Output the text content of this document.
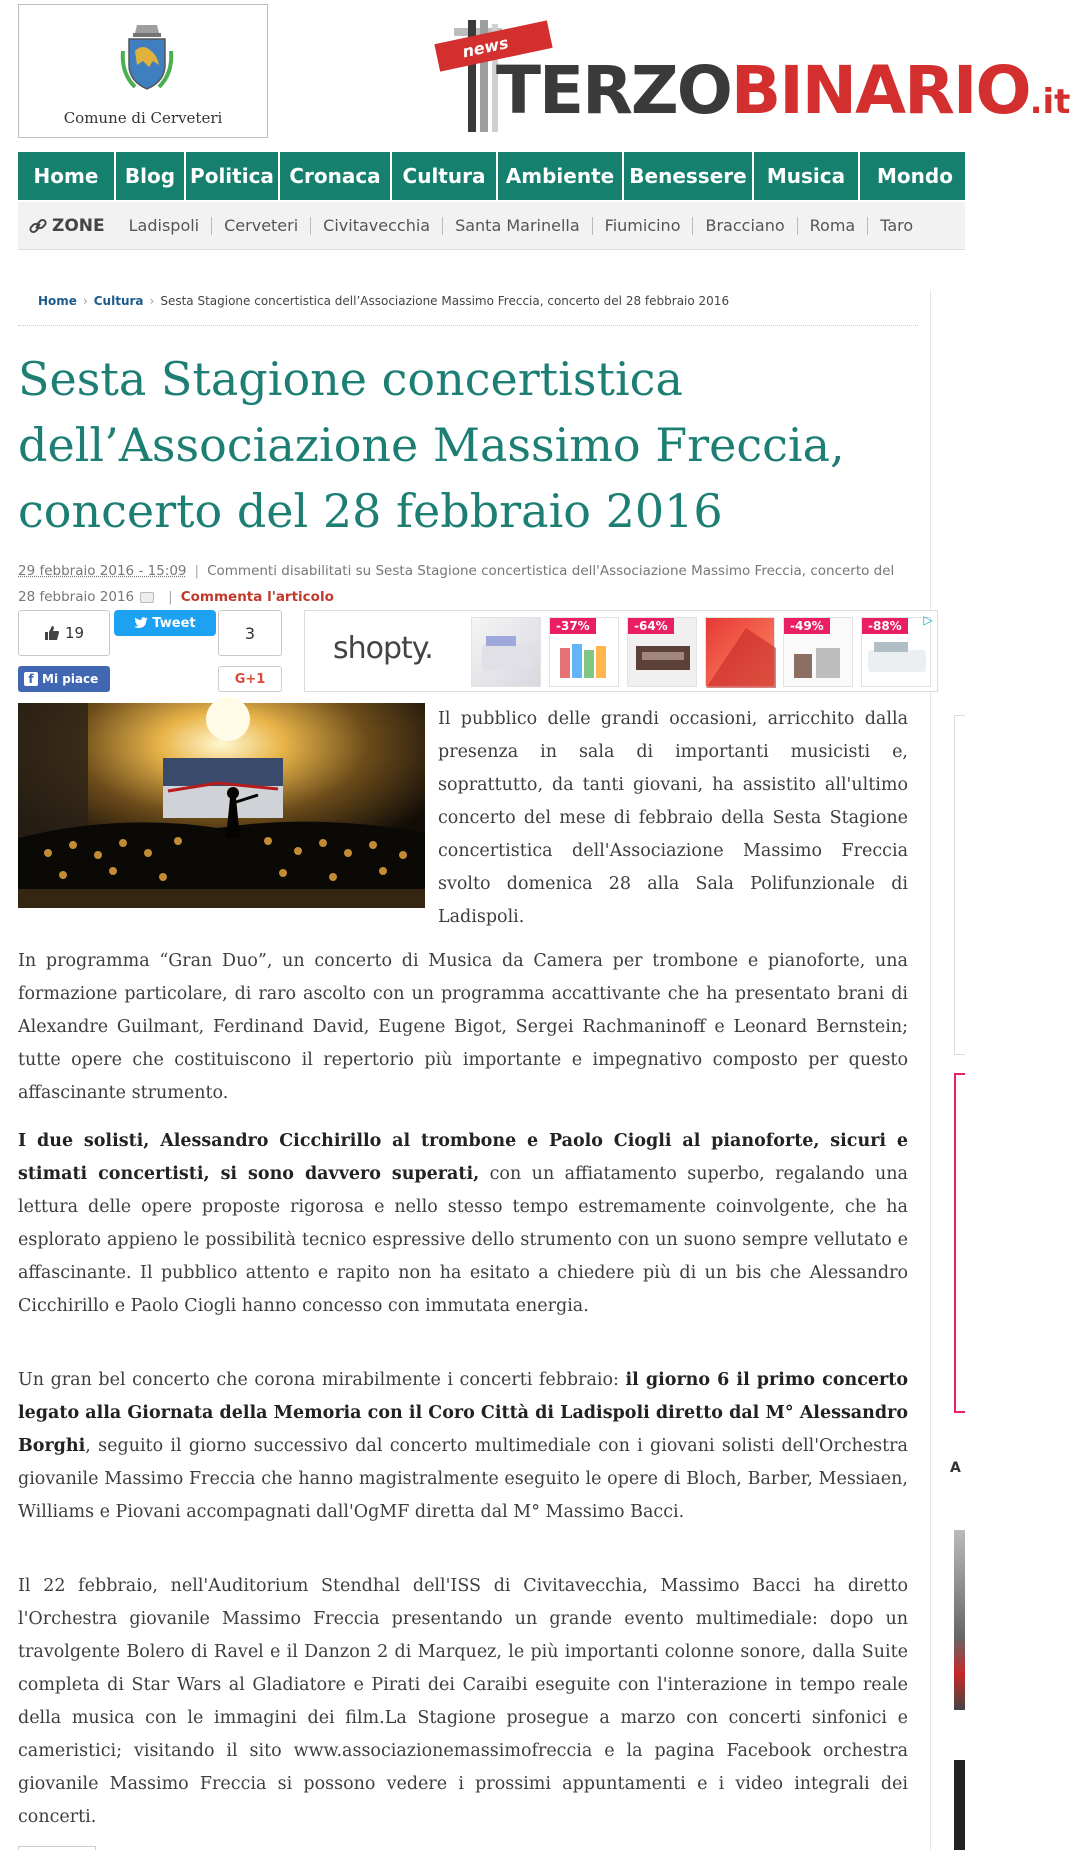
Comune di Cerveteri
news
TERZOBINARIO.it
Home	Blog Politica Cronaca	Cultura	Ambiente Benessere	Musica	Mondo
ZONE	Ladispoli	Cerveteri	Civitavecchia	Santa Marinella	Fiumicino	Bracciano	Roma	Taro
Home › Cultura › Sesta Stagione concertistica dell’Associazione Massimo Freccia, concerto del 28 febbraio 2016
Sesta Stagione concertistica dell’Associazione Massimo Freccia, concerto del 28 febbraio 2016
29 febbraio 2016 - 15:09 | Commenti disabilitati su Sesta Stagione concertistica dell'Associazione Massimo Freccia, concerto del 28 febbraio 2016	| Commenta l'articolo
19
f Mi piace
Tweet
3
G+1
shopty.
-37%	-64%	-49%	-88%	▷
Il pubblico delle grandi occasioni, arricchito dalla presenza in sala di importanti musicisti e, soprattutto, da tanti giovani, ha assistito all'ultimo concerto del mese di febbraio della Sesta Stagione concertistica dell'Associazione Massimo Freccia svolto domenica 28 alla Sala Polifunzionale di Ladispoli.

In programma “Gran Duo”, un concerto di Musica da Camera per trombone e pianoforte, una formazione particolare, di raro ascolto con un programma accattivante che ha presentato brani di Alexandre Guilmant, Ferdinand David, Eugene Bigot, Sergei Rachmaninoff e Leonard Bernstein; tutte opere che costituiscono il repertorio più importante e impegnativo composto per questo affascinante strumento.

I due solisti, Alessandro Cicchirillo al trombone e Paolo Ciogli al pianoforte, sicuri e stimati concertisti, si sono davvero superati, con un affiatamento superbo, regalando una lettura delle opere proposte rigorosa e nello stesso tempo estremamente coinvolgente, che ha esplorato appieno le possibilità tecnico espressive dello strumento con un suono sempre vellutato e affascinante. Il pubblico attento e rapito non ha esitato a chiedere più di un bis che Alessandro Cicchirillo e Paolo Ciogli hanno concesso con immutata energia.

Un gran bel concerto che corona mirabilmente i concerti febbraio: il giorno 6 il primo concerto legato alla Giornata della Memoria con il Coro Città di Ladispoli diretto dal M° Alessandro Borghi, seguito il giorno successivo dal concerto multimediale con i giovani solisti dell'Orchestra giovanile Massimo Freccia che hanno magistralmente eseguito le opere di Bloch, Barber, Messiaen, Williams e Piovani accompagnati dall'OgMF diretta dal M° Massimo Bacci.

Il 22 febbraio, nell'Auditorium Stendhal dell'ISS di Civitavecchia, Massimo Bacci ha diretto l'Orchestra giovanile Massimo Freccia presentando un grande evento multimediale: dopo un travolgente Bolero di Ravel e il Danzon 2 di Marquez, le più importanti colonne sonore, dalla Suite completa di Star Wars al Gladiatore e Pirati dei Caraibi eseguite con l'interazione in tempo reale della musica con le immagini dei film.La Stagione prosegue a marzo con concerti sinfonici e cameristici; visitando il sito www.associazionemassimofreccia e la pagina Facebook orchestra giovanile Massimo Freccia si possono vedere i prossimi appuntamenti e i video integrali dei concerti.

A
